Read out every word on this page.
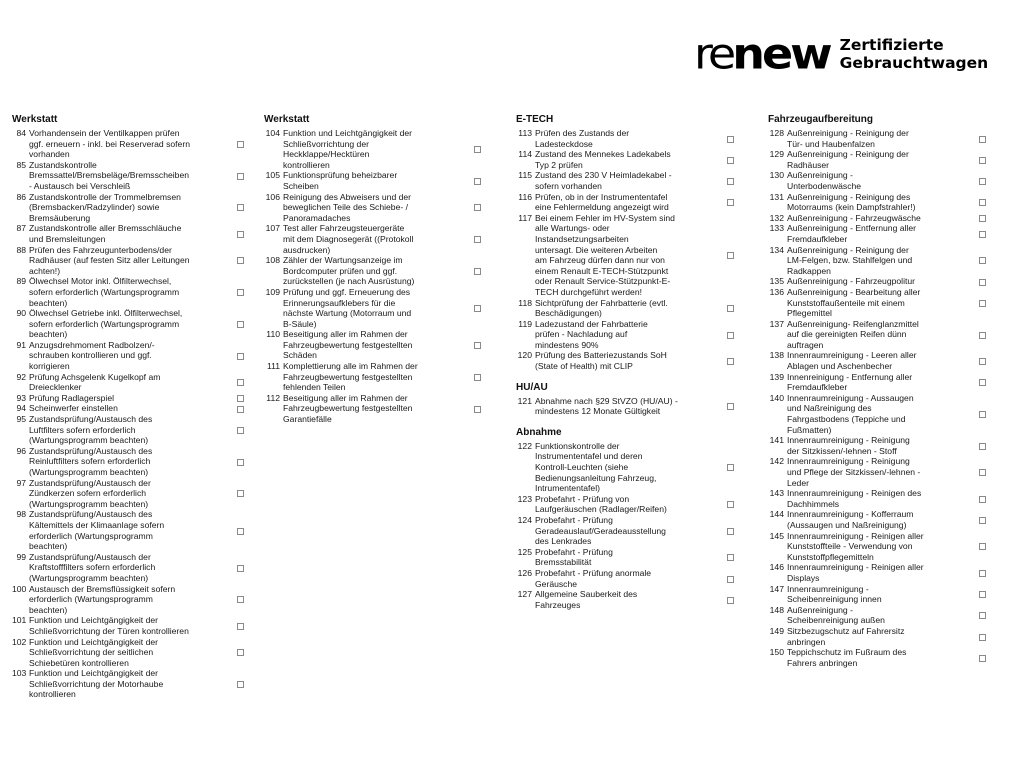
renew Zertifizierte
Gebrauchtwagen
Werkstatt
84 Vorhandensein der Ventilkappen prüfen
ggf. erneuern - inkl. bei Reserverad sofern
vorhanden
85 Zustandskontrolle
Bremssattel/Bremsbeläge/Bremsscheiben
- Austausch bei Verschleiß
86 Zustandskontrolle der Trommelbremsen
(Bremsbacken/Radzylinder) sowie
Bremsäuberung
87 Zustandskontrolle aller Bremsschläuche
und Bremsleitungen
88 Prüfen des Fahrzeugunterbodens/der
Radhäuser (auf festen Sitz aller Leitungen
achten!)
89 Ölwechsel Motor inkl. Ölfilterwechsel,
sofern erforderlich (Wartungsprogramm
beachten)
90 Ölwechsel Getriebe inkl. Ölfilterwechsel,
sofern erforderlich (Wartungsprogramm
beachten)
91 Anzugsdrehmoment Radbolzen/-
schrauben kontrollieren und ggf.
korrigieren
92 Prüfung Achsgelenk Kugelkopf am
Dreiecklenker
93 Prüfung Radlagerspiel
94 Scheinwerfer einstellen
95 Zustandsprüfung/Austausch des
Luftfilters sofern erforderlich
(Wartungsprogramm beachten)
96 Zustandsprüfung/Austausch des
Reinluftfilters sofern erforderlich
(Wartungsprogramm beachten)
97 Zustandsprüfung/Austausch der
Zündkerzen sofern erforderlich
(Wartungsprogramm beachten)
98 Zustandsprüfung/Austausch des
Kältemittels der Klimaanlage sofern
erforderlich (Wartungsprogramm
beachten)
99 Zustandsprüfung/Austausch der
Kraftstofffilters sofern erforderlich
(Wartungsprogramm beachten)
100 Austausch der Bremsflüssigkeit sofern
erforderlich (Wartungsprogramm
beachten)
101 Funktion und Leichtgängigkeit der
Schließvorrichtung der Türen kontrollieren
102 Funktion und Leichtgängigkeit der
Schließvorrichtung der seitlichen
Schiebetüren kontrollieren
103 Funktion und Leichtgängigkeit der
Schließvorrichtung der Motorhaube
kontrollieren
Werkstatt
104 Funktion und Leichtgängigkeit der
Schließvorrichtung der
Heckklappe/Hecktüren
kontrollieren
105 Funktionsprüfung beheizbarer
Scheiben
106 Reinigung des Abweisers und der
beweglichen Teile des Schiebe- /
Panoramadaches
107 Test aller Fahrzeugsteuergeräte
mit dem Diagnosegerät ((Protokoll
ausdrucken)
108 Zähler der Wartungsanzeige im
Bordcomputer prüfen und ggf.
zurückstellen (je nach Ausrüstung)
109 Prüfung und ggf. Erneuerung des
Erinnerungsaufklebers für die
nächste Wartung (Motorraum und
B-Säule)
110 Beseitigung aller im Rahmen der
Fahrzeugbewertung festgestellten
Schäden
111 Komplettierung alle im Rahmen der
Fahrzeugbewertung festgestellten
fehlenden Teilen
112 Beseitigung aller im Rahmen der
Fahrzeugbewertung festgestellten
Garantiefälle
E-TECH
113 Prüfen des Zustands der
Ladesteckdose
114 Zustand des Mennekes Ladekabels
Typ 2 prüfen
115 Zustand des 230 V Heimladekabel -
sofern vorhanden
116 Prüfen, ob in der Instrumententafel
eine Fehlermeldung angezeigt wird
117 Bei einem Fehler im HV-System sind
alle Wartungs- oder
Instandsetzungsarbeiten
untersagt. Die weiteren Arbeiten
am Fahrzeug dürfen dann nur von
einem Renault E-TECH-Stützpunkt
oder Renault Service-Stützpunkt-E-
TECH durchgeführt werden!
118 Sichtprüfung der Fahrbatterie (evtl.
Beschädigungen)
119 Ladezustand der Fahrbatterie
prüfen - Nachladung auf
mindestens 90%
120 Prüfung des Batteriezustands SoH
(State of Health) mit CLIP
HU/AU
121 Abnahme nach §29 StVZO (HU/AU) -
mindestens 12 Monate Gültigkeit
Abnahme
122 Funktionskontrolle der
Instrumententafel und deren
Kontroll-Leuchten (siehe
Bedienungsanleitung Fahrzeug,
Intrumententafel)
123 Probefahrt - Prüfung von
Laufgeräuschen (Radlager/Reifen)
124 Probefahrt - Prüfung
Geradeauslauf/Geradeausstellung
des Lenkrades
125 Probefahrt - Prüfung
Bremsstabilität
126 Probefahrt - Prüfung anormale
Geräusche
127 Allgemeine Sauberkeit des
Fahrzeuges
Fahrzeugaufbereitung
128 Außenreinigung - Reinigung der
Tür- und Haubenfalzen
129 Außenreinigung - Reinigung der
Radhäuser
130 Außenreinigung -
Unterbodenwäsche
131 Außenreinigung - Reinigung des
Motorraums (kein Dampfstrahler!)
132 Außenreinigung - Fahrzeugwäsche
133 Außenreinigung - Entfernung aller
Fremdaufkleber
134 Außenreinigung - Reinigung der
LM-Felgen, bzw. Stahlfelgen und
Radkappen
135 Außenreinigung - Fahrzeugpolitur
136 Außenreinigung - Bearbeitung aller
Kunststoffaußenteile mit einem
Pflegemittel
137 Außenreinigung- Reifenglanzmittel
auf die gereinigten Reifen dünn
auftragen
138 Innenraumreinigung - Leeren aller
Ablagen und Aschenbecher
139 Innenreinigung - Entfernung aller
Fremdaufkleber
140 Innenraumreinigung - Aussaugen
und Naßreinigung des
Fahrgastbodens (Teppiche und
Fußmatten)
141 Innenraumreinigung - Reinigung
der Sitzkissen/-lehnen - Stoff
142 Innenraumreinigung - Reinigung
und Pflege der Sitzkissen/-lehnen -
Leder
143 Innenraumreinigung - Reinigen des
Dachhimmels
144 Innenraumreinigung - Kofferraum
(Aussaugen und Naßreinigung)
145 Innenraumreinigung - Reinigen aller
Kunststoffteile - Verwendung von
Kunststoffpflegemitteln
146 Innenraumreinigung - Reinigen aller
Displays
147 Innenraumreinigung -
Scheibenreinigung innen
148 Außenreinigung -
Scheibenreinigung außen
149 Sitzbezugschutz auf Fahrersitz
anbringen
150 Teppichschutz im Fußraum des
Fahrers anbringen
